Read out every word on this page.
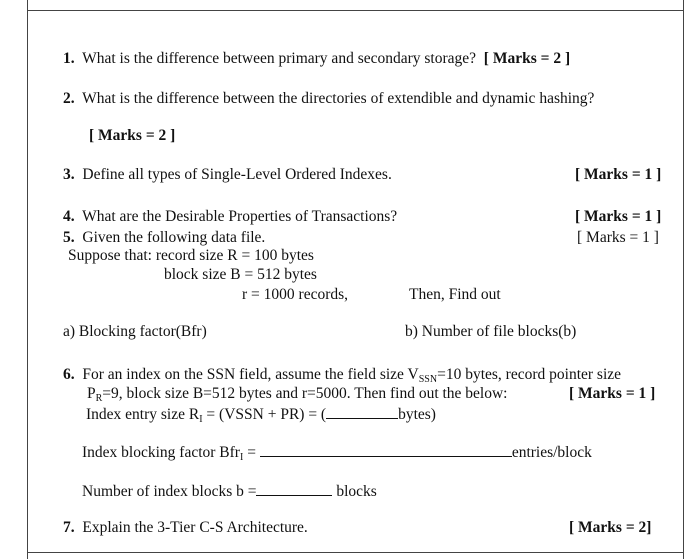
1. What is the difference between primary and secondary storage? [ Marks = 2 ]
2. What is the difference between the directories of extendible and dynamic hashing?
[ Marks = 2 ]
3. Define all types of Single-Level Ordered Indexes.	[ Marks = 1 ]
4. What are the Desirable Properties of Transactions?	[ Marks = 1 ]
5. Given the following data file.	[ Marks = 1 ]
Suppose that: record size R = 100 bytes
block size B = 512 bytes
r = 1000 records,	Then, Find out
a) Blocking factor(Bfr)	b) Number of file blocks(b)
6. For an index on the SSN field, assume the field size $V_{SSN}=10$ bytes, record pointer size
$P_R=9$, block size B=512 bytes and r=5000. Then find out the below:	[ Marks = 1 ]
Index entry size $R_I$ = (VSSN + PR) = (	bytes)
Index blocking factor Bfr$_I$ =	entries/block
Number of index blocks b =	blocks
7. Explain the 3-Tier C-S Architecture.	[ Marks = 2]
